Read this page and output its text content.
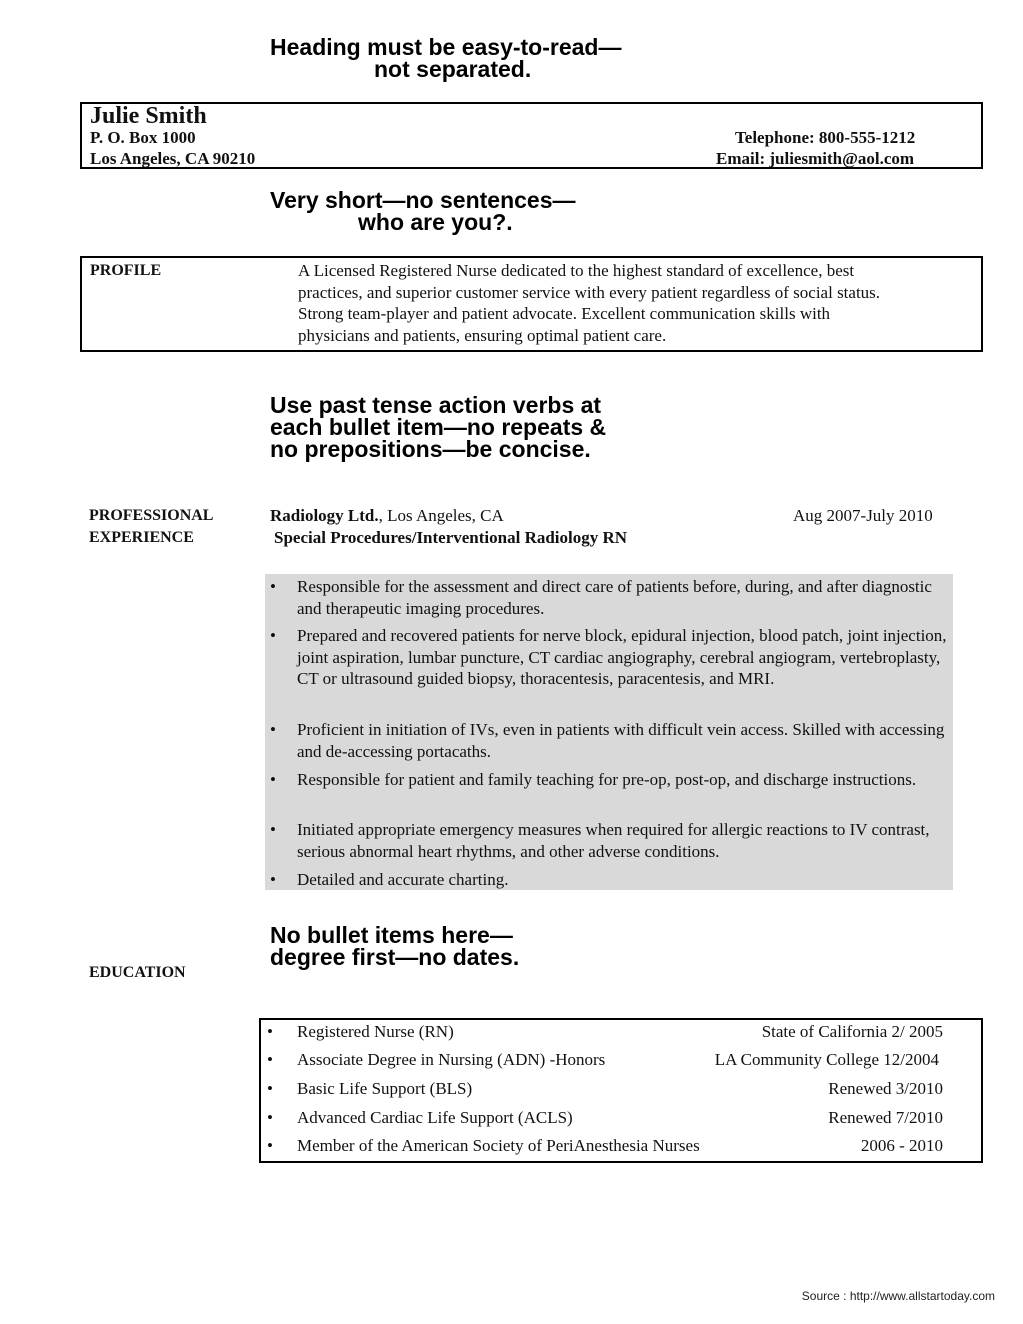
Heading must be easy-to-read—
not separated.
Julie Smith
P. O. Box 1000
Los Angeles, CA 90210
Telephone: 800-555-1212
Email: juliesmith@aol.com
Very short—no sentences—
who are you?.
PROFILE	A Licensed Registered Nurse dedicated to the highest standard of excellence, best
practices, and superior customer service with every patient regardless of social status.
Strong team-player and patient advocate. Excellent communication skills with
physicians and patients, ensuring optimal patient care.
Use past tense action verbs at
each bullet item—no repeats &
no prepositions—be concise.
PROFESSIONAL
EXPERIENCE
Radiology Ltd., Los Angeles, CA	Aug 2007-July 2010
Special Procedures/Interventional Radiology RN
• Responsible for the assessment and direct care of patients before, during, and after diagnostic and therapeutic imaging procedures.
• Prepared and recovered patients for nerve block, epidural injection, blood patch, joint injection, joint aspiration, lumbar puncture, CT cardiac angiography, cerebral angiogram, vertebroplasty, CT or ultrasound guided biopsy, thoracentesis, paracentesis, and MRI.
• Proficient in initiation of IVs, even in patients with difficult vein access. Skilled with accessing and de-accessing portacaths.
• Responsible for patient and family teaching for pre-op, post-op, and discharge instructions.
• Initiated appropriate emergency measures when required for allergic reactions to IV contrast, serious abnormal heart rhythms, and other adverse conditions.
• Detailed and accurate charting.
No bullet items here—
degree first—no dates.
EDUCATION
• Registered Nurse (RN)	State of California 2/ 2005
• Associate Degree in Nursing (ADN) -Honors	LA Community College 12/2004
• Basic Life Support (BLS)	Renewed 3/2010
• Advanced Cardiac Life Support (ACLS)	Renewed 7/2010
• Member of the American Society of PeriAnesthesia Nurses	2006 - 2010
Source : http://www.allstartoday.com
